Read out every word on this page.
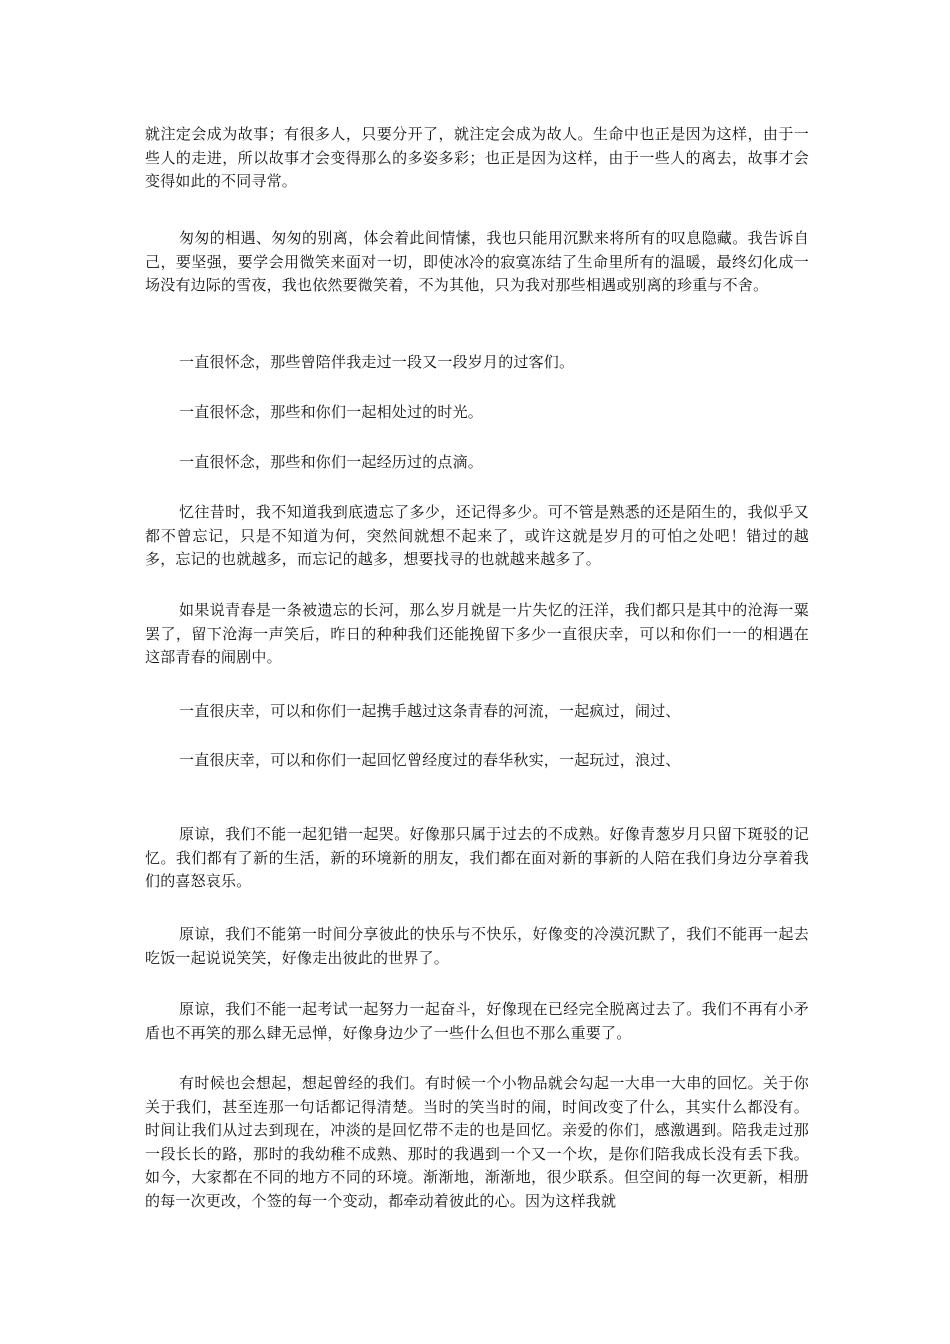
就注定会成为故事；有很多人，只要分开了，就注定会成为故人。生命中也正是因为这样，由于一些人的走进，所以故事才会变得那么的多姿多彩；也正是因为这样，由于一些人的离去，故事才会变得如此的不同寻常。

匆匆的相遇、匆匆的别离，体会着此间情愫，我也只能用沉默来将所有的叹息隐藏。我告诉自己，要坚强，要学会用微笑来面对一切，即使冰冷的寂寞冻结了生命里所有的温暖，最终幻化成一场没有边际的雪夜，我也依然要微笑着，不为其他，只为我对那些相遇或别离的珍重与不舍。

一直很怀念，那些曾陪伴我走过一段又一段岁月的过客们。

一直很怀念，那些和你们一起相处过的时光。

一直很怀念，那些和你们一起经历过的点滴。

忆往昔时，我不知道我到底遗忘了多少，还记得多少。可不管是熟悉的还是陌生的，我似乎又都不曾忘记，只是不知道为何，突然间就想不起来了，或许这就是岁月的可怕之处吧！错过的越多，忘记的也就越多，而忘记的越多，想要找寻的也就越来越多了。

如果说青春是一条被遗忘的长河，那么岁月就是一片失忆的汪洋，我们都只是其中的沧海一粟罢了，留下沧海一声笑后，昨日的种种我们还能挽留下多少一直很庆幸，可以和你们一一的相遇在这部青春的闹剧中。

一直很庆幸，可以和你们一起携手越过这条青春的河流，一起疯过，闹过、

一直很庆幸，可以和你们一起回忆曾经度过的春华秋实，一起玩过，浪过、

原谅，我们不能一起犯错一起哭。好像那只属于过去的不成熟。好像青葱岁月只留下斑驳的记忆。我们都有了新的生活，新的环境新的朋友，我们都在面对新的事新的人陪在我们身边分享着我们的喜怒哀乐。

原谅，我们不能第一时间分享彼此的快乐与不快乐，好像变的冷漠沉默了，我们不能再一起去吃饭一起说说笑笑，好像走出彼此的世界了。

原谅，我们不能一起考试一起努力一起奋斗，好像现在已经完全脱离过去了。我们不再有小矛盾也不再笑的那么肆无忌惮，好像身边少了一些什么但也不那么重要了。

有时候也会想起，想起曾经的我们。有时候一个小物品就会勾起一大串一大串的回忆。关于你关于我们，甚至连那一句话都记得清楚。当时的笑当时的闹，时间改变了什么，其实什么都没有。时间让我们从过去到现在，冲淡的是回忆带不走的也是回忆。亲爱的你们，感激遇到。陪我走过那一段长长的路，那时的我幼稚不成熟、那时的我遇到一个又一个坎，是你们陪我成长没有丢下我。如今，大家都在不同的地方不同的环境。渐渐地，渐渐地，很少联系。但空间的每一次更新，相册的每一次更改，个签的每一个变动，都牵动着彼此的心。因为这样我就
